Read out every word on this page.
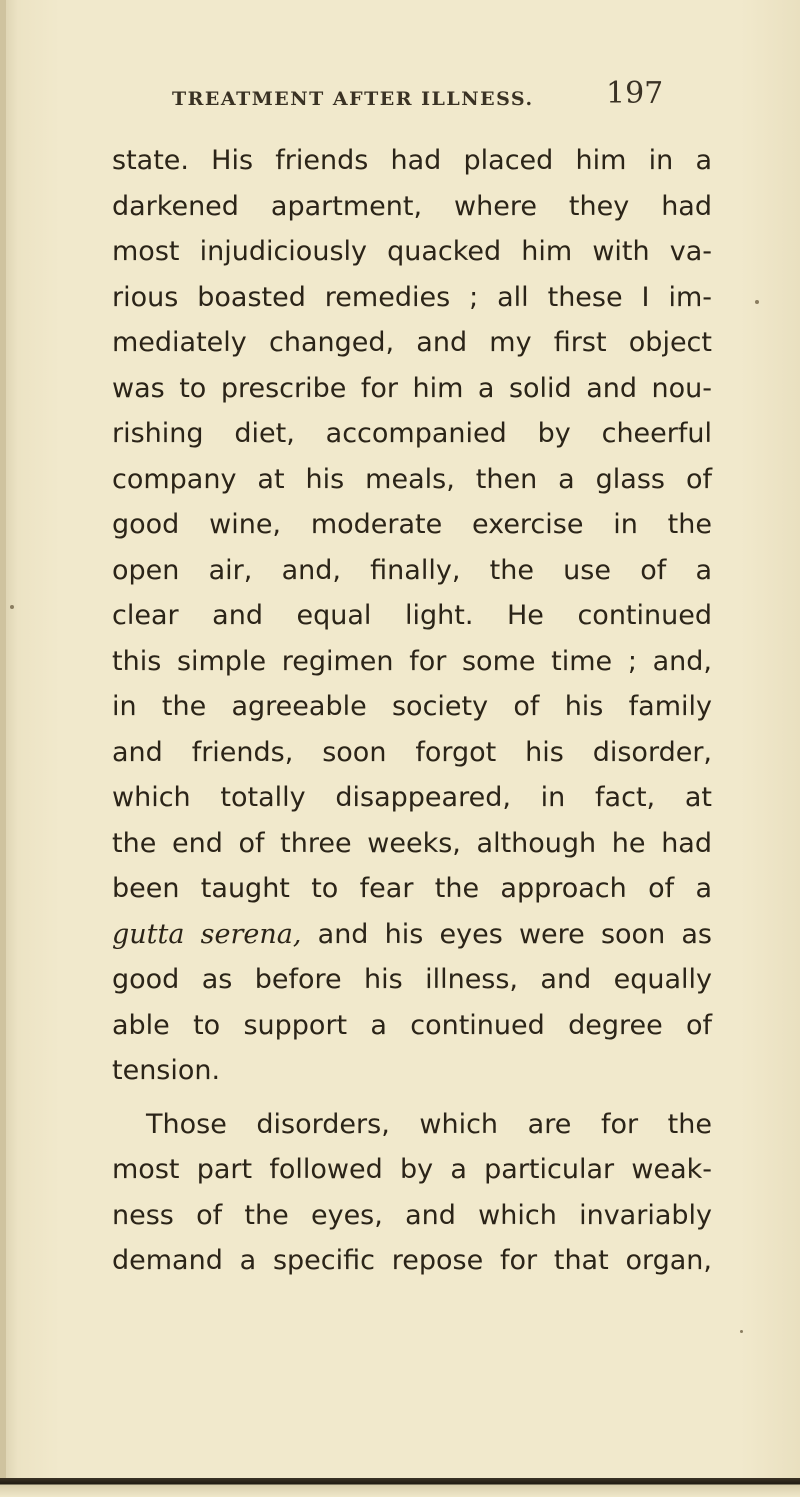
TREATMENT AFTER ILLNESS. 197
state. His friends had placed him in a
darkened apartment, where they had
most injudiciously quacked him with va-
rious boasted remedies ; all these I im-
mediately changed, and my first object
was to prescribe for him a solid and nou-
rishing diet, accompanied by cheerful
company at his meals, then a glass of
good wine, moderate exercise in the
open air, and, finally, the use of a
clear and equal light. He continued
this simple regimen for some time ; and,
in the agreeable society of his family
and friends, soon forgot his disorder,
which totally disappeared, in fact, at
the end of three weeks, although he had
been taught to fear the approach of a
gutta serena, and his eyes were soon as
good as before his illness, and equally
able to support a continued degree of
tension.
Those disorders, which are for the
most part followed by a particular weak-
ness of the eyes, and which invariably
demand a specific repose for that organ,
